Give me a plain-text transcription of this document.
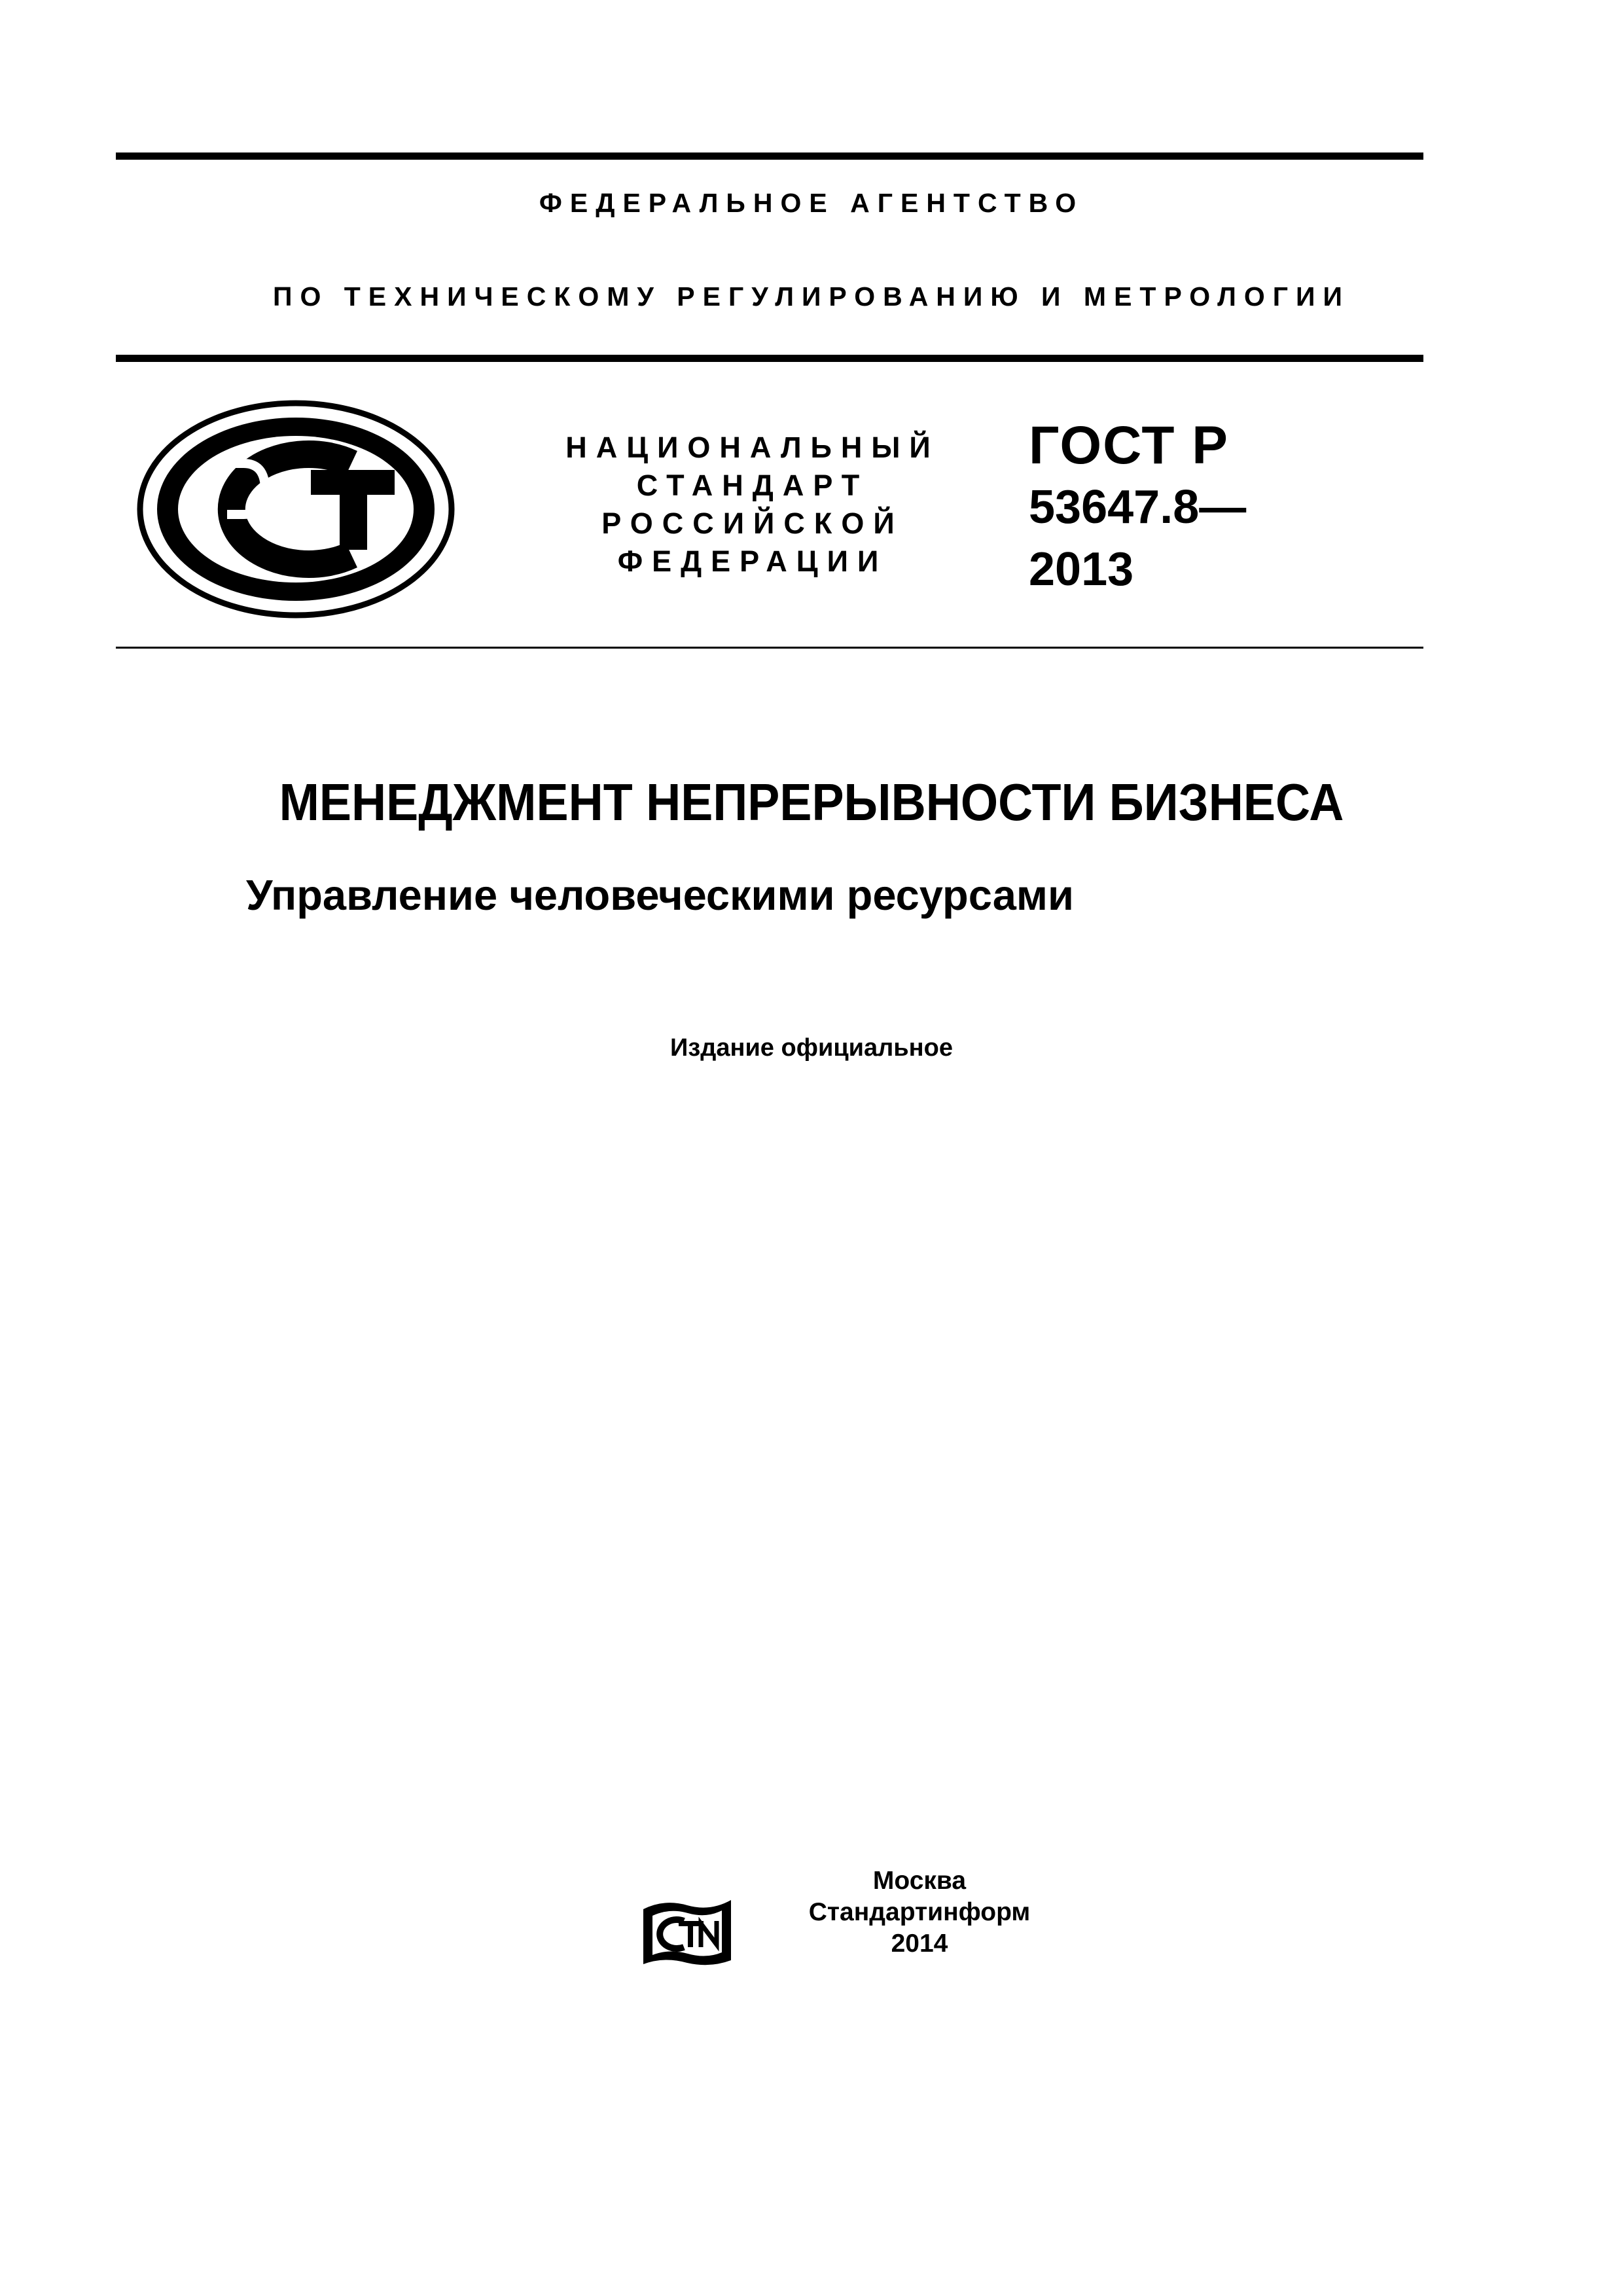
ФЕДЕРАЛЬНОЕ АГЕНТСТВО
ПО ТЕХНИЧЕСКОМУ РЕГУЛИРОВАНИЮ И МЕТРОЛОГИИ
НАЦИОНАЛЬНЫЙ
СТАНДАРТ
РОССИЙСКОЙ
ФЕДЕРАЦИИ
ГОСТ Р
53647.8—
2013
МЕНЕДЖМЕНТ НЕПРЕРЫВНОСТИ БИЗНЕСА
Управление человеческими ресурсами
Издание официальное
Москва
Стандартинформ
2014
